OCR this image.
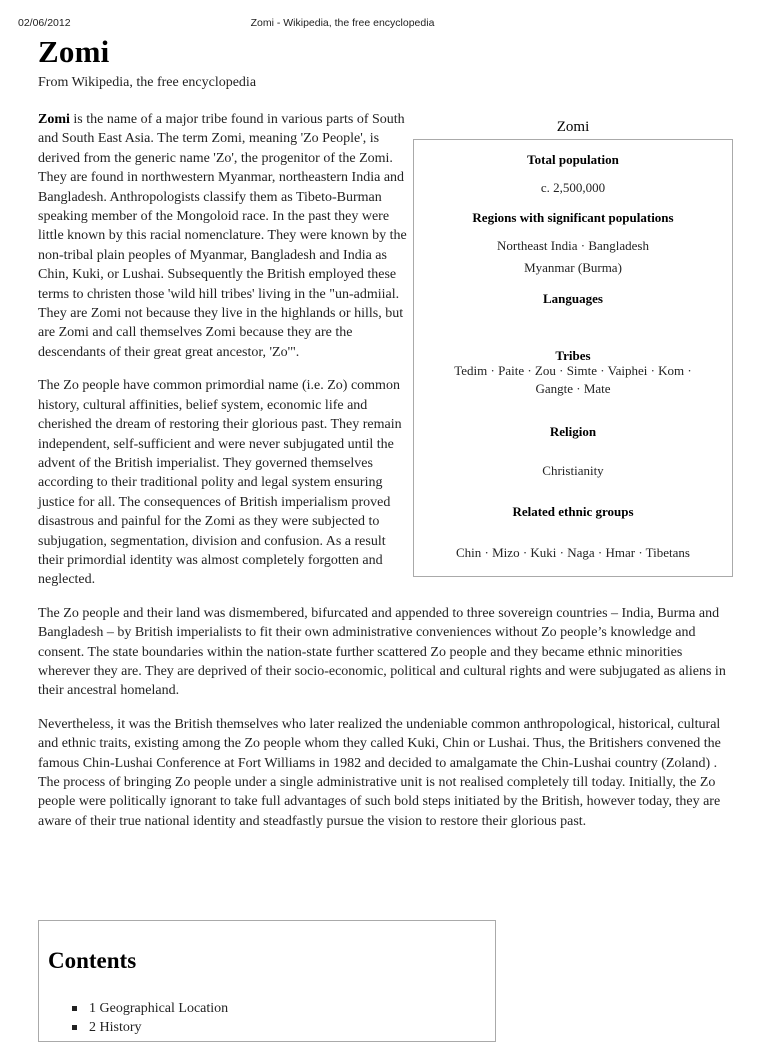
02/06/2012	Zomi - Wikipedia, the free encyclopedia
Zomi
From Wikipedia, the free encyclopedia

Zomi is the name of a major tribe found in various parts of South and South East Asia. The term Zomi, meaning 'Zo People', is derived from the generic name 'Zo', the progenitor of the Zomi. They are found in northwestern Myanmar, northeastern India and Bangladesh. Anthropologists classify them as Tibeto-Burman speaking member of the Mongoloid race. In the past they were little known by this racial nomenclature. They were known by the non-tribal plain peoples of Myanmar, Bangladesh and India as Chin, Kuki, or Lushai. Subsequently the British employed these terms to christen those 'wild hill tribes' living in the "un-admiial. They are Zomi not because they live in the highlands or hills, but are Zomi and call themselves Zomi because they are the descendants of their great great ancestor, 'Zo'".

The Zo people have common primordial name (i.e. Zo) common history, cultural affinities, belief system, economic life and cherished the dream of restoring their glorious past. They remain independent, self-sufficient and were never subjugated until the advent of the British imperialist. They governed themselves according to their traditional polity and legal system ensuring justice for all. The consequences of British imperialism proved disastrous and painful for the Zomi as they were subjected to subjugation, segmentation, division and confusion. As a result their primordial identity was almost completely forgotten and neglected.

The Zo people and their land was dismembered, bifurcated and appended to three sovereign countries – India, Burma and Bangladesh – by British imperialists to fit their own administrative conveniences without Zo people’s knowledge and consent. The state boundaries within the nation-state further scattered Zo people and they became ethnic minorities wherever they are. They are deprived of their socio-economic, political and cultural rights and were subjugated as aliens in their ancestral homeland.

Nevertheless, it was the British themselves who later realized the undeniable common anthropological, historical, cultural and ethnic traits, existing among the Zo people whom they called Kuki, Chin or Lushai. Thus, the Britishers convened the famous Chin-Lushai Conference at Fort Williams in 1982 and decided to amalgamate the Chin-Lushai country (Zoland) . The process of bringing Zo people under a single administrative unit is not realised completely till today. Initially, the Zo people were politically ignorant to take full advantages of such bold steps initiated by the British, however today, they are aware of their true national identity and steadfastly pursue the vision to restore their glorious past.

Zomi
Total population
c. 2,500,000
Regions with significant populations
Northeast India · Bangladesh
Myanmar (Burma)
Languages
Tribes
Tedim · Paite · Zou · Simte · Vaiphei · Kom ·
Gangte · Mate
Religion
Christianity
Related ethnic groups
Chin · Mizo · Kuki · Naga · Hmar · Tibetans
Contents
1 Geographical Location
2 History
